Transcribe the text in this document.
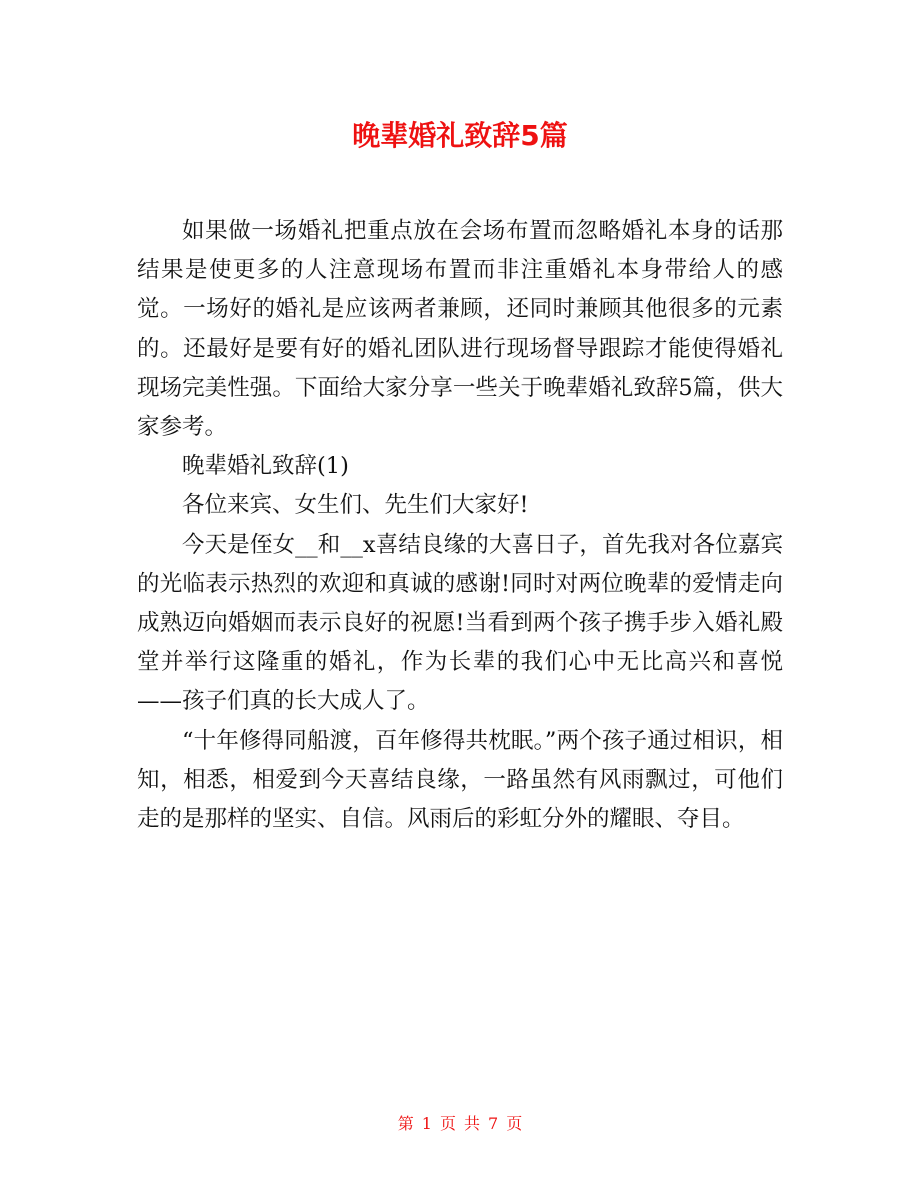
晚辈婚礼致辞5篇

如果做一场婚礼把重点放在会场布置而忽略婚礼本身的话那结果是使更多的人注意现场布置而非注重婚礼本身带给人的感觉。一场好的婚礼是应该两者兼顾，还同时兼顾其他很多的元素的。还最好是要有好的婚礼团队进行现场督导跟踪才能使得婚礼现场完美性强。下面给大家分享一些关于晚辈婚礼致辞5篇，供大家参考。

晚辈婚礼致辞(1)

各位来宾、女生们、先生们大家好!

今天是侄女__和__x喜结良缘的大喜日子，首先我对各位嘉宾的光临表示热烈的欢迎和真诚的感谢!同时对两位晚辈的爱情走向成熟迈向婚姻而表示良好的祝愿!当看到两个孩子携手步入婚礼殿堂并举行这隆重的婚礼，作为长辈的我们心中无比高兴和喜悦——孩子们真的长大成人了。

“十年修得同船渡，百年修得共枕眠。”两个孩子通过相识，相知，相悉，相爱到今天喜结良缘，一路虽然有风雨飘过，可他们走的是那样的坚实、自信。风雨后的彩虹分外的耀眼、夺目。

第 1 页 共 7 页
